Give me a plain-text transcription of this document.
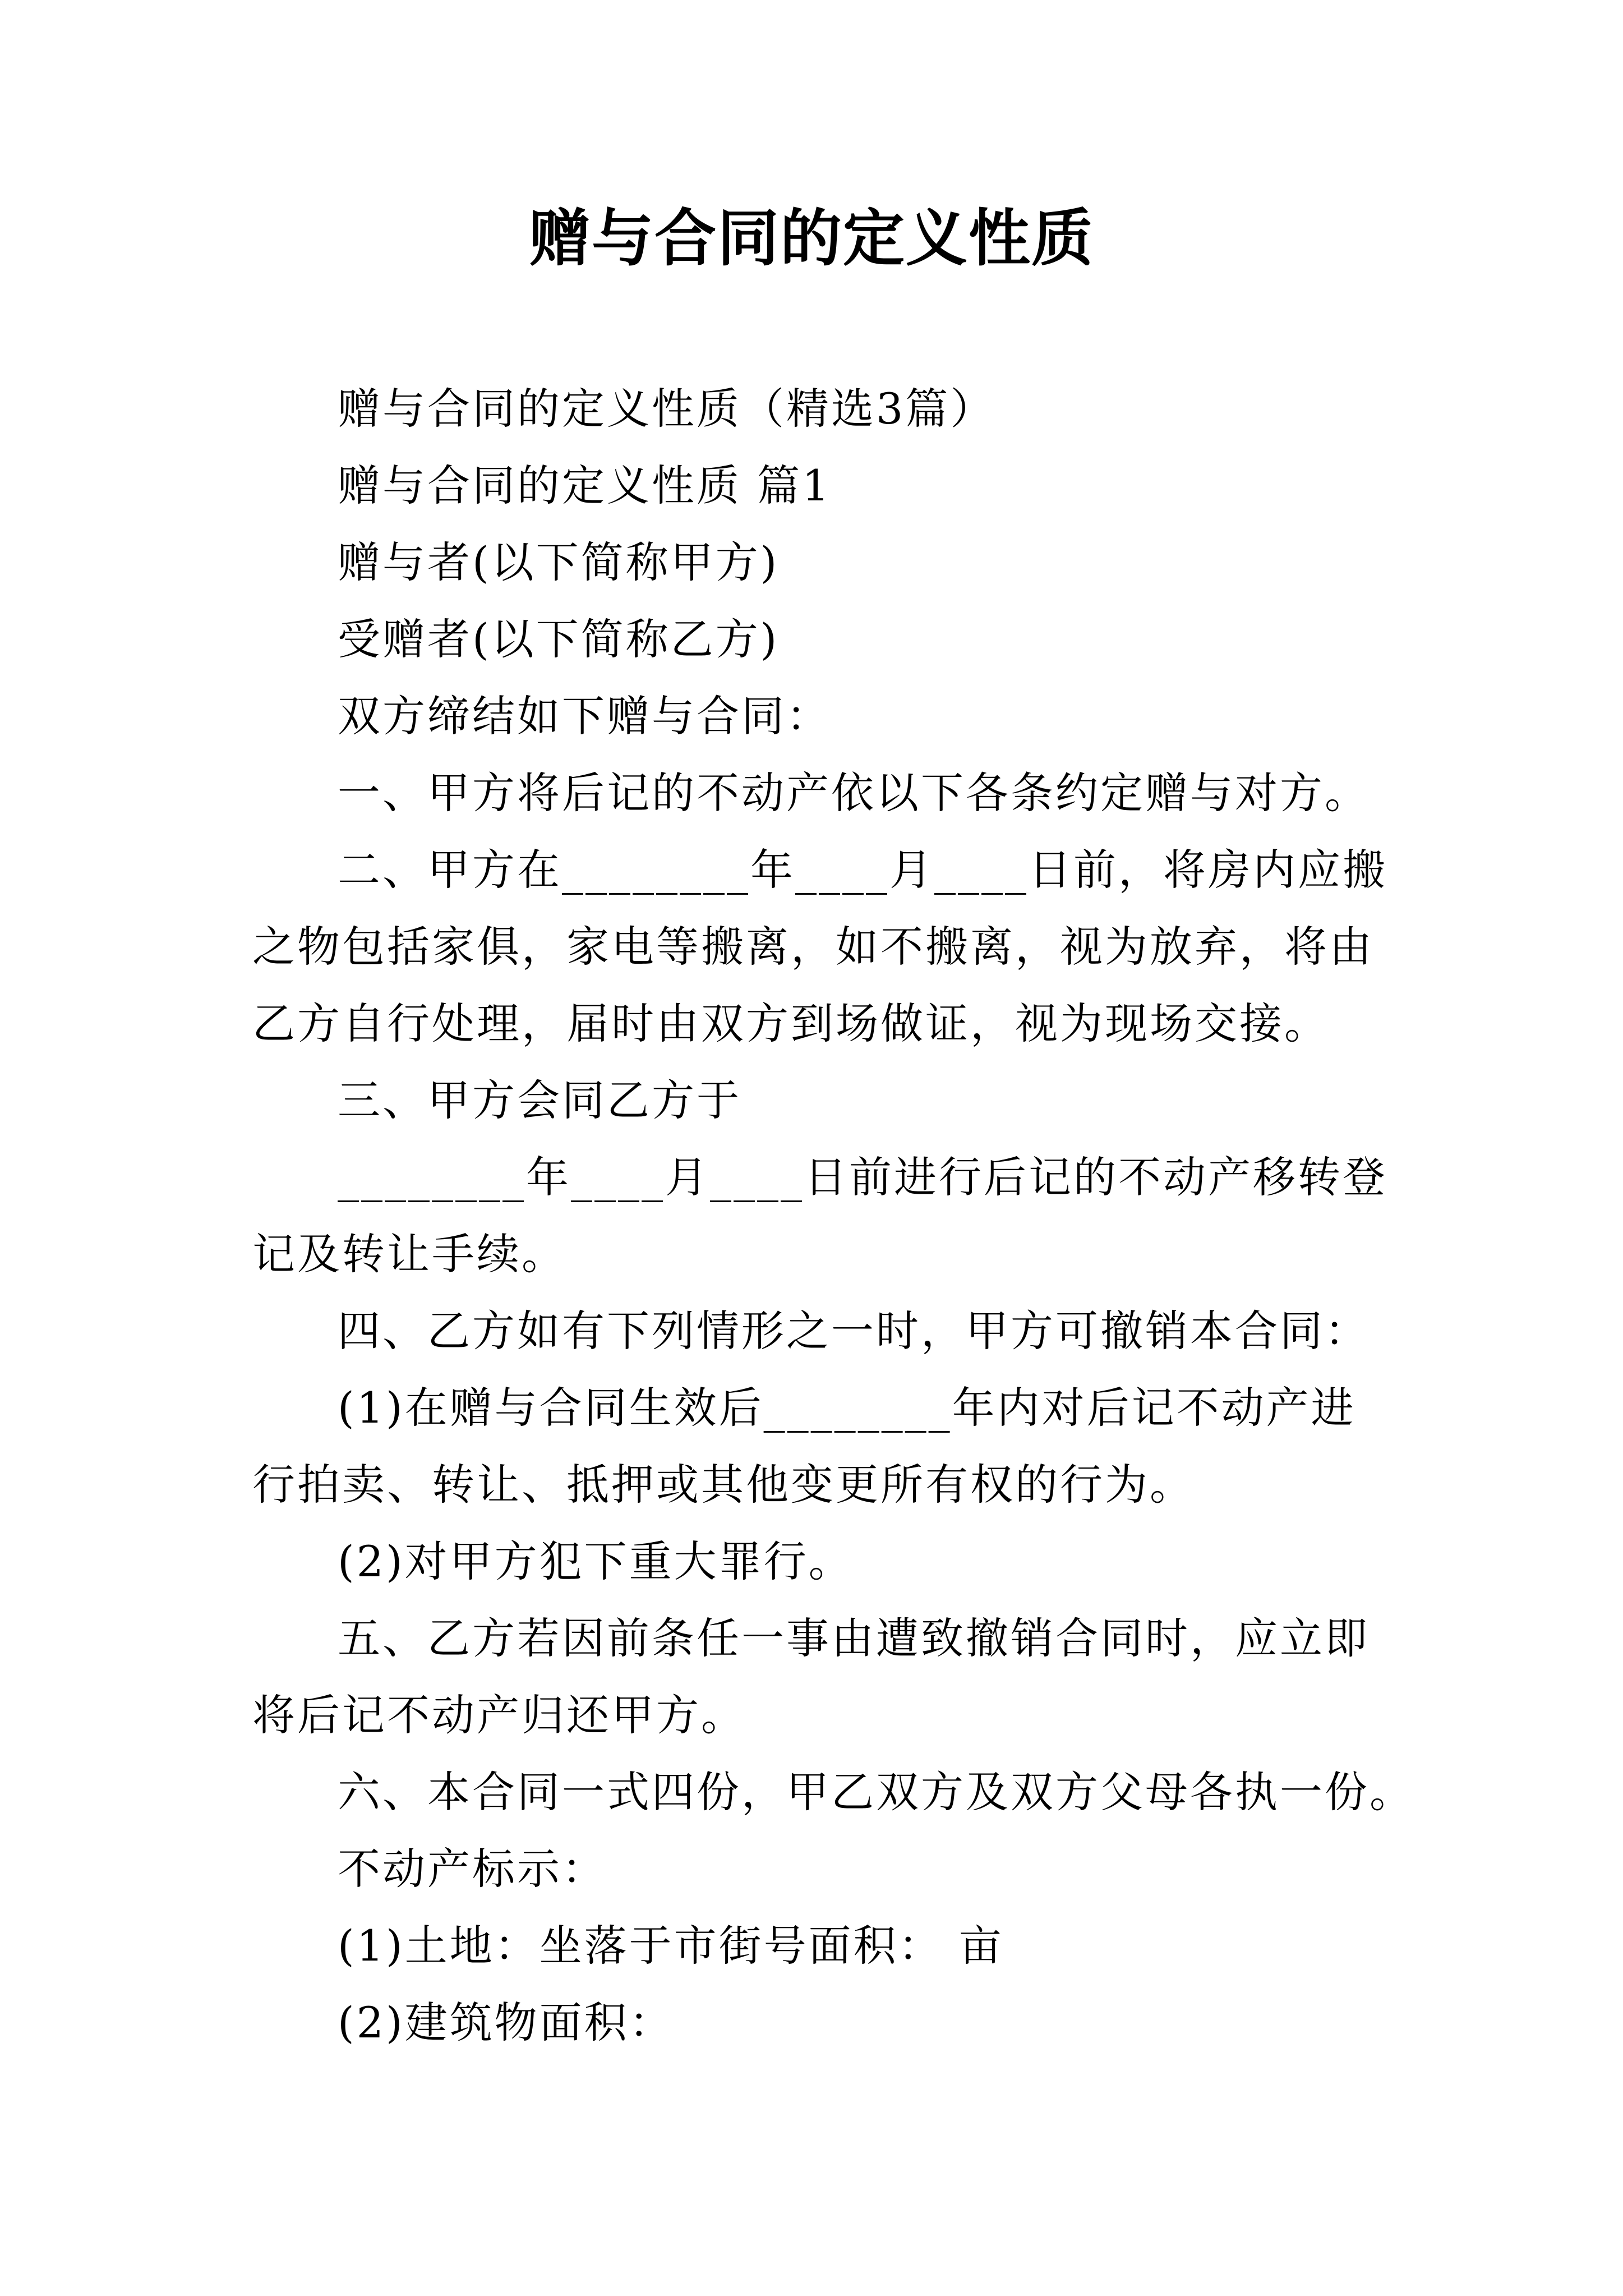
赠与合同的定义性质

赠与合同的定义性质（精选3篇）

赠与合同的定义性质 篇1

赠与者(以下简称甲方)

受赠者(以下简称乙方)

双方缔结如下赠与合同：

一、甲方将后记的不动产依以下各条约定赠与对方。

二、甲方在________年____月____日前，将房内应搬之物包括家俱，家电等搬离，如不搬离，视为放弃，将由乙方自行处理，届时由双方到场做证，视为现场交接。

三、甲方会同乙方于

________年____月____日前进行后记的不动产移转登记及转让手续。

四、乙方如有下列情形之一时，甲方可撤销本合同：

(1)在赠与合同生效后________年内对后记不动产进行拍卖、转让、抵押或其他变更所有权的行为。

(2)对甲方犯下重大罪行。

五、乙方若因前条任一事由遭致撤销合同时，应立即将后记不动产归还甲方。

六、本合同一式四份，甲乙双方及双方父母各执一份。

不动产标示：

(1)土地：坐落于市街号面积： 亩

(2)建筑物面积：
